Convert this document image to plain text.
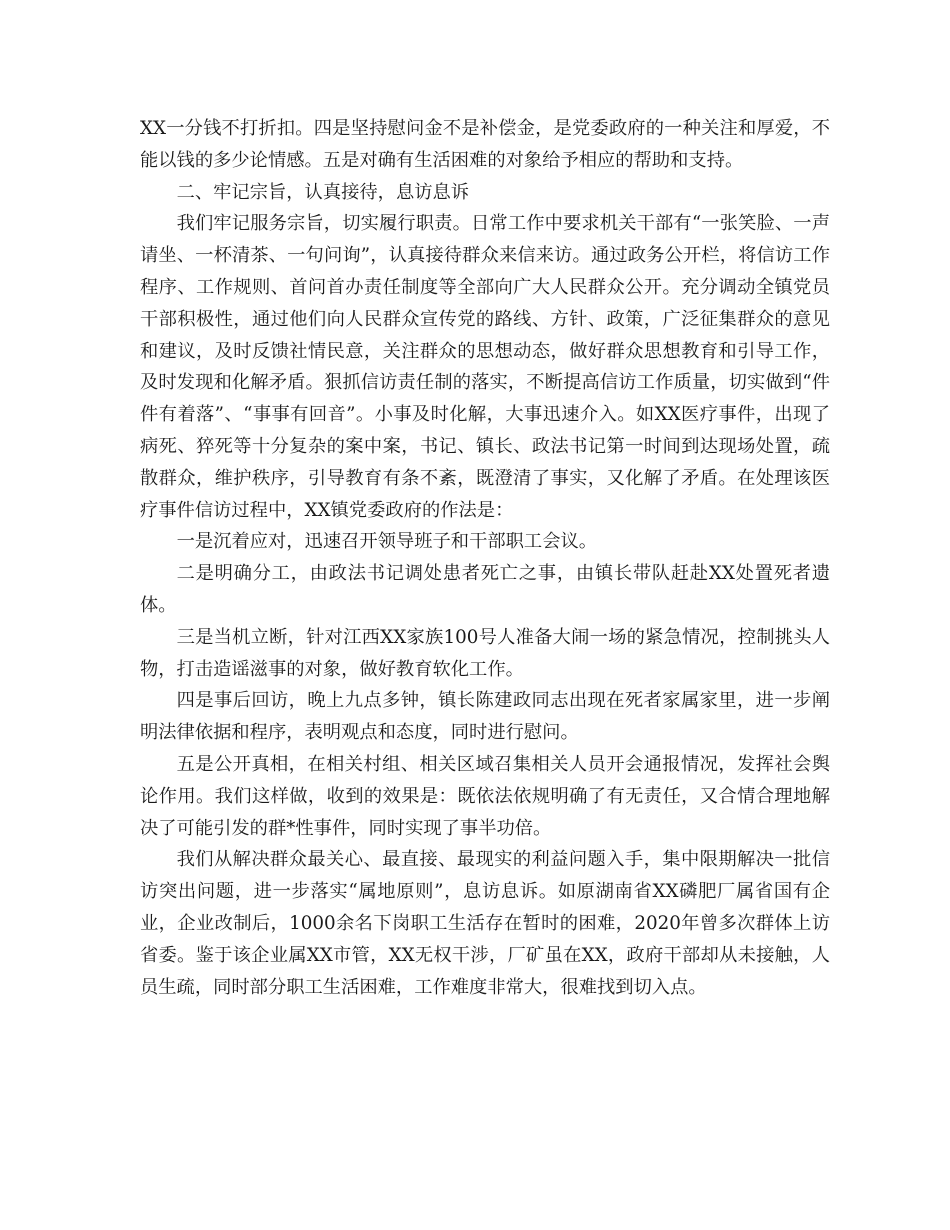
XX一分钱不打折扣。四是坚持慰问金不是补偿金，是党委政府的一种关注和厚爱，不能以钱的多少论情感。五是对确有生活困难的对象给予相应的帮助和支持。

二、牢记宗旨，认真接待，息访息诉

我们牢记服务宗旨，切实履行职责。日常工作中要求机关干部有“一张笑脸、一声请坐、一杯清茶、一句问询”，认真接待群众来信来访。通过政务公开栏，将信访工作程序、工作规则、首问首办责任制度等全部向广大人民群众公开。充分调动全镇党员干部积极性，通过他们向人民群众宣传党的路线、方针、政策，广泛征集群众的意见和建议，及时反馈社情民意，关注群众的思想动态，做好群众思想教育和引导工作，及时发现和化解矛盾。狠抓信访责任制的落实，不断提高信访工作质量，切实做到“件件有着落”、“事事有回音”。小事及时化解，大事迅速介入。如XX医疗事件，出现了病死、猝死等十分复杂的案中案，书记、镇长、政法书记第一时间到达现场处置，疏散群众，维护秩序，引导教育有条不紊，既澄清了事实，又化解了矛盾。在处理该医疗事件信访过程中，XX镇党委政府的作法是：

一是沉着应对，迅速召开领导班子和干部职工会议。

二是明确分工，由政法书记调处患者死亡之事，由镇长带队赶赴XX处置死者遗体。

三是当机立断，针对江西XX家族100号人准备大闹一场的紧急情况，控制挑头人物，打击造谣滋事的对象，做好教育软化工作。

四是事后回访，晚上九点多钟，镇长陈建政同志出现在死者家属家里，进一步阐明法律依据和程序，表明观点和态度，同时进行慰问。

五是公开真相，在相关村组、相关区域召集相关人员开会通报情况，发挥社会舆论作用。我们这样做，收到的效果是：既依法依规明确了有无责任，又合情合理地解决了可能引发的群*性事件，同时实现了事半功倍。

我们从解决群众最关心、最直接、最现实的利益问题入手，集中限期解决一批信访突出问题，进一步落实“属地原则”，息访息诉。如原湖南省XX磷肥厂属省国有企业，企业改制后，1000余名下岗职工生活存在暂时的困难，2020年曾多次群体上访省委。鉴于该企业属XX市管，XX无权干涉，厂矿虽在XX，政府干部却从未接触，人员生疏，同时部分职工生活困难，工作难度非常大，很难找到切入点。
